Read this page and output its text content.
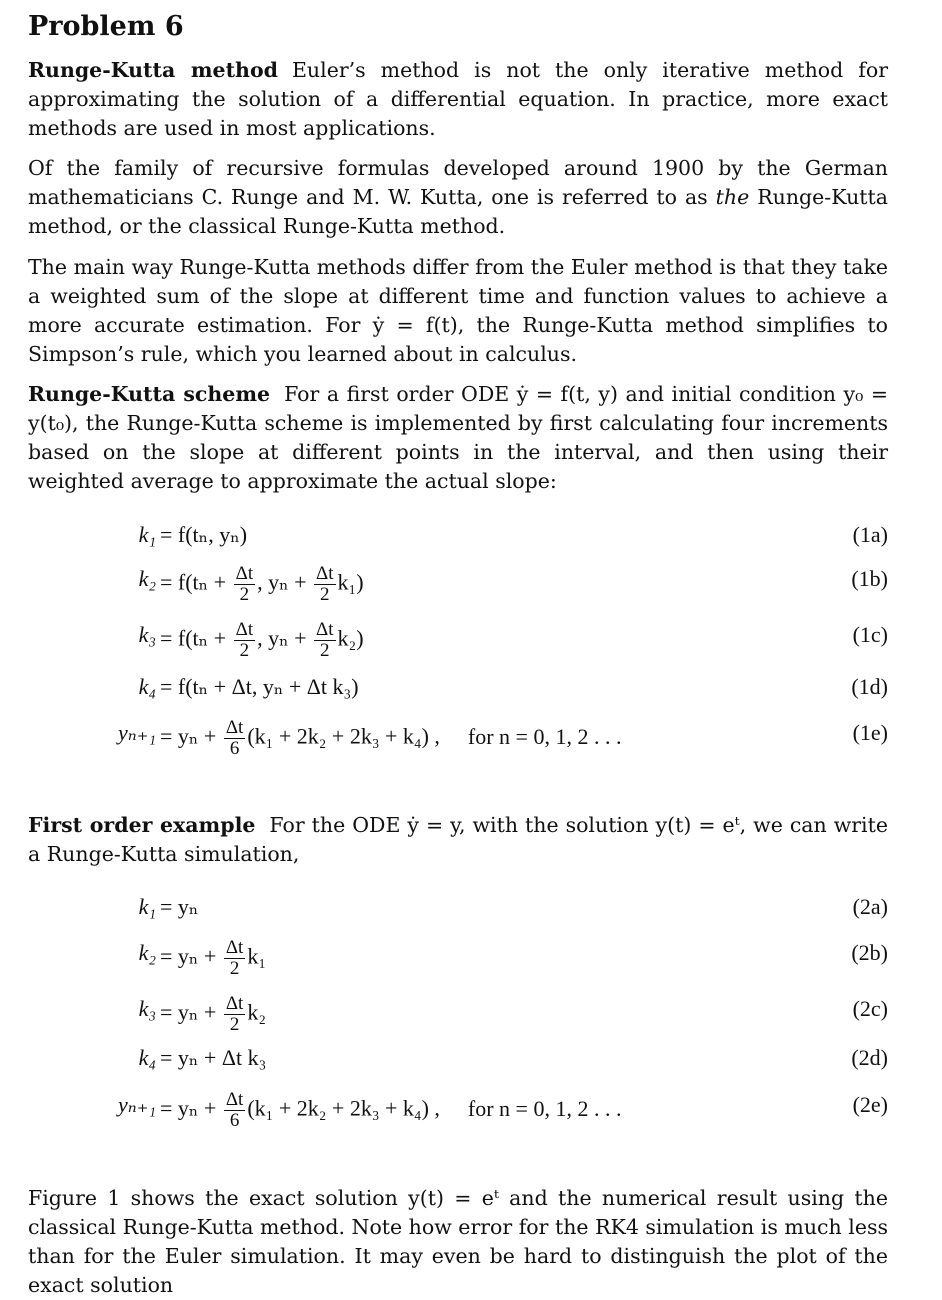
Problem 6
Runge-Kutta method Euler’s method is not the only iterative method for approximating the solution of a differential equation. In practice, more exact methods are used in most applications.
Of the family of recursive formulas developed around 1900 by the German mathematicians C. Runge and M. W. Kutta, one is referred to as the Runge-Kutta method, or the classical Runge-Kutta method.
The main way Runge-Kutta methods differ from the Euler method is that they take a weighted sum of the slope at different time and function values to achieve a more accurate estimation. For ẏ = f(t), the Runge-Kutta method simplifies to Simpson’s rule, which you learned about in calculus.
Runge-Kutta scheme For a first order ODE ẏ = f(t, y) and initial condition y₀ = y(t₀), the Runge-Kutta scheme is implemented by first calculating four increments based on the slope at different points in the interval, and then using their weighted average to approximate the actual slope:
k₁ = f(tₙ, yₙ)	(1a)
$k_2 = f(t_n + \frac{\Delta t}{2}$ , $y_n + \frac{\Delta t}{2} k_1$)	(1b)
$k_3 = f(t_n + \frac{\Delta t}{2}$ , $y_n + \frac{\Delta t}{2} k_2$)	(1c)
k₄ = f(tₙ + Δt, yₙ + Δt k₃)	(1d)
$y_{n+1} = y_n + \frac{\Delta t}{6} (k_1 + 2k_2 + 2k_3 + k_4)$ , for n = 0, 1, 2 . . .	(1e)
First order example For the ODE ẏ = y, with the solution y(t) = eᵗ, we can write a Runge-Kutta simulation,
k₁ = yₙ	(2a)
$k_2 = y_n + \frac{\Delta t}{2} k_1$	(2b)
$k_3 = y_n + \frac{\Delta t}{2} k_2$	(2c)
k₄ = yₙ + Δt k₃	(2d)
$y_{n+1} = y_n + \frac{\Delta t}{6} (k_1 + 2k_2 + 2k_3 + k_4)$ , for n = 0, 1, 2 . . .	(2e)
Figure 1 shows the exact solution y(t) = eᵗ and the numerical result using the classical Runge-Kutta method. Note how error for the RK4 simulation is much less than for the Euler simulation. It may even be hard to distinguish the plot of the exact solution
